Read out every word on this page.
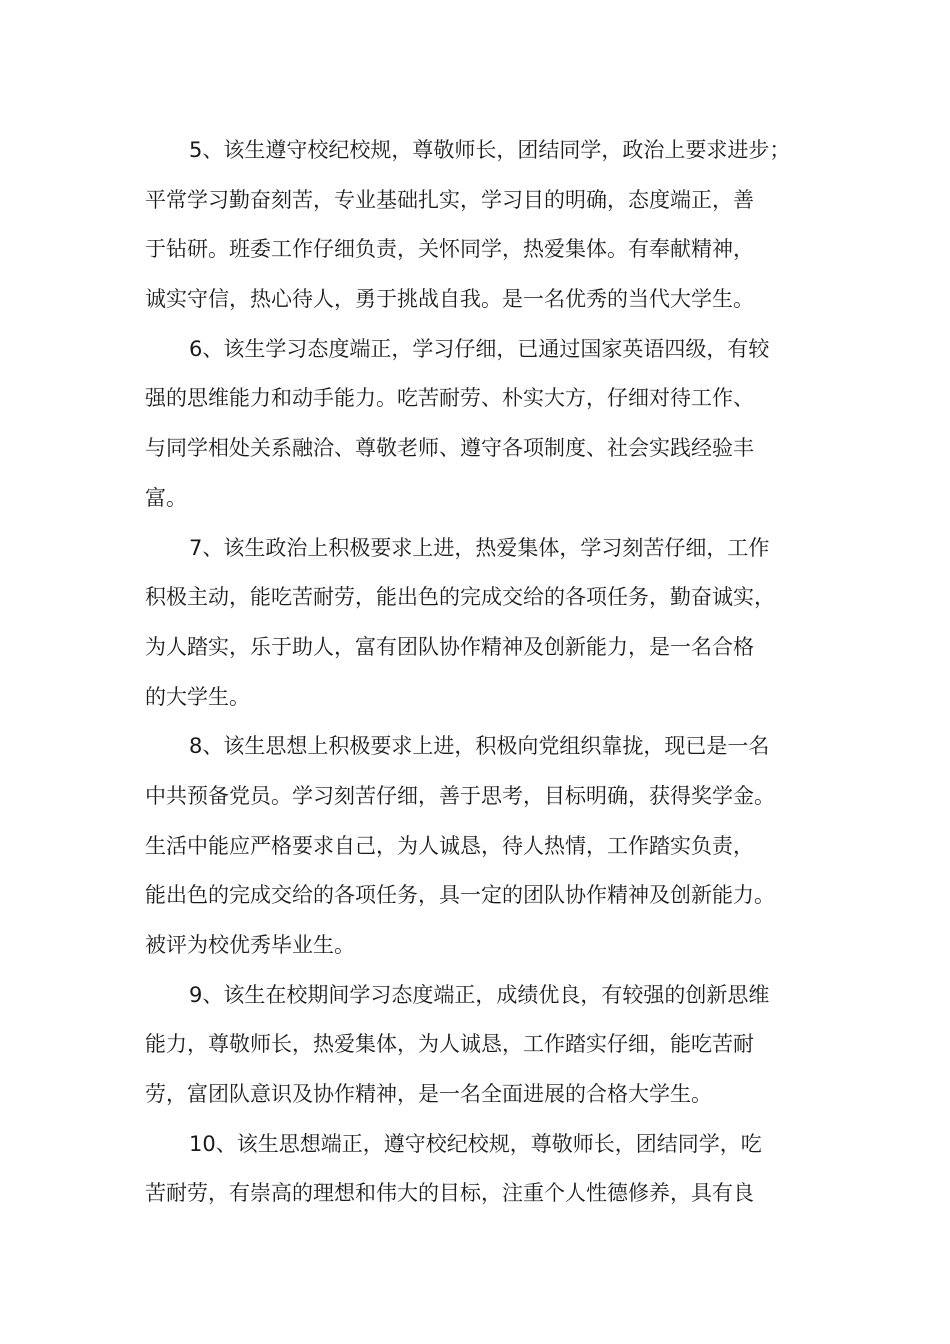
5、该生遵守校纪校规，尊敬师长，团结同学，政治上要求进步；
平常学习勤奋刻苦，专业基础扎实，学习目的明确，态度端正，善
于钻研。班委工作仔细负责，关怀同学，热爱集体。有奉献精神，
诚实守信，热心待人，勇于挑战自我。是一名优秀的当代大学生。
6、该生学习态度端正，学习仔细，已通过国家英语四级，有较
强的思维能力和动手能力。吃苦耐劳、朴实大方，仔细对待工作、
与同学相处关系融洽、尊敬老师、遵守各项制度、社会实践经验丰
富。
7、该生政治上积极要求上进，热爱集体，学习刻苦仔细，工作
积极主动，能吃苦耐劳，能出色的完成交给的各项任务，勤奋诚实，
为人踏实，乐于助人，富有团队协作精神及创新能力，是一名合格
的大学生。
8、该生思想上积极要求上进，积极向党组织靠拢，现已是一名
中共预备党员。学习刻苦仔细，善于思考，目标明确，获得奖学金。
生活中能应严格要求自己，为人诚恳，待人热情，工作踏实负责，
能出色的完成交给的各项任务，具一定的团队协作精神及创新能力。
被评为校优秀毕业生。
9、该生在校期间学习态度端正，成绩优良，有较强的创新思维
能力，尊敬师长，热爱集体，为人诚恳，工作踏实仔细，能吃苦耐
劳，富团队意识及协作精神，是一名全面进展的合格大学生。
10、该生思想端正，遵守校纪校规，尊敬师长，团结同学，吃
苦耐劳，有崇高的理想和伟大的目标，注重个人性德修养，具有良
